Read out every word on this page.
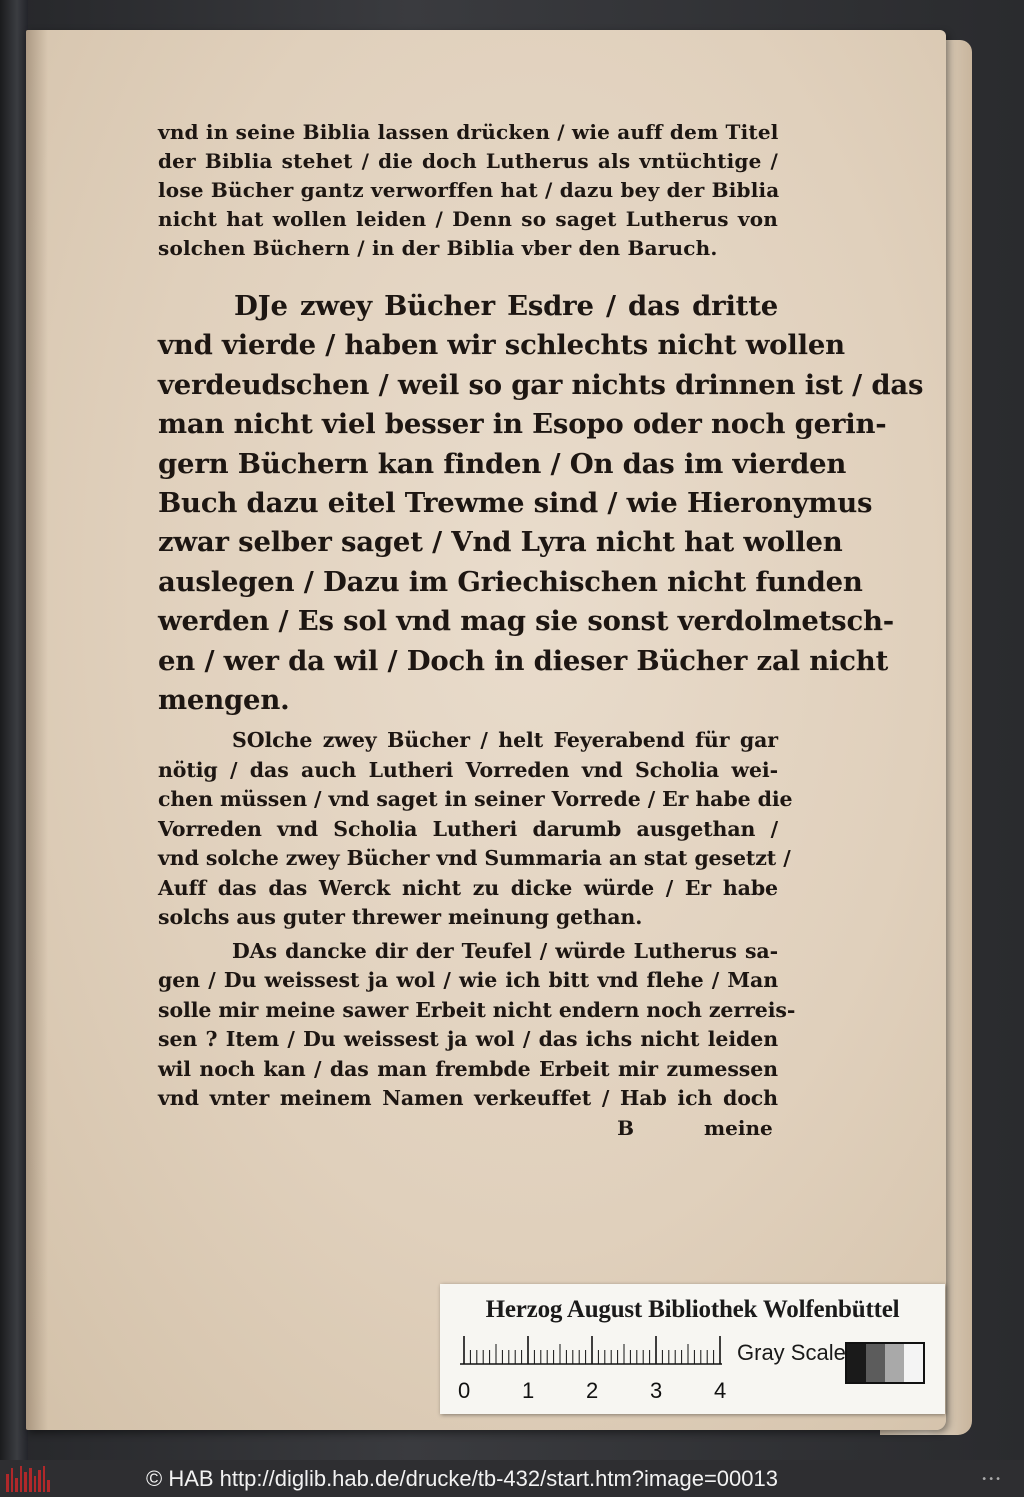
vnd in seine Biblia lassen drücken / wie auff dem Titel
der Biblia stehet / die doch Lutherus als vntüchtige /
lose Bücher gantz verworffen hat / dazu bey der Biblia
nicht hat wollen leiden / Denn so saget Lutherus von
solchen Büchern / in der Biblia vber den Baruch.
DJe zwey Bücher Esdre / das dritte
vnd vierde / haben wir schlechts nicht wollen
verdeudschen / weil so gar nichts drinnen ist / das
man nicht viel besser in Esopo oder noch gerin-
gern Büchern kan finden / On das im vierden
Buch dazu eitel Trewme sind / wie Hieronymus
zwar selber saget / Vnd Lyra nicht hat wollen
auslegen / Dazu im Griechischen nicht funden
werden / Es sol vnd mag sie sonst verdolmetsch-
en / wer da wil / Doch in dieser Bücher zal nicht
mengen.
SOlche zwey Bücher / helt Feyerabend für gar
nötig / das auch Lutheri Vorreden vnd Scholia wei-
chen müssen / vnd saget in seiner Vorrede / Er habe die
Vorreden vnd Scholia Lutheri darumb ausgethan /
vnd solche zwey Bücher vnd Summaria an stat gesetzt /
Auff das das Werck nicht zu dicke würde / Er habe
solchs aus guter threwer meinung gethan.
DAs dancke dir der Teufel / würde Lutherus sa-
gen / Du weissest ja wol / wie ich bitt vnd flehe / Man
solle mir meine sawer Erbeit nicht endern noch zerreis-
sen ? Item / Du weissest ja wol / das ichs nicht leiden
wil noch kan / das man frembde Erbeit mir zumessen
vnd vnter meinem Namen verkeuffet / Hab ich doch
B	meine
Herzog August Bibliothek Wolfenbüttel
0 1 2 3 4
Gray Scale
© HAB http://diglib.hab.de/drucke/tb-432/start.htm?image=00013	•••
